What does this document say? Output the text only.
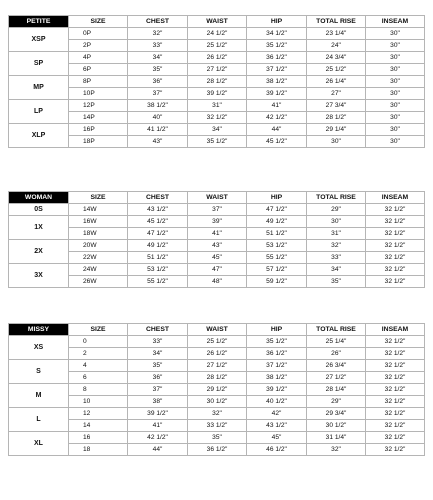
PETITE	SIZE	CHEST	WAIST	HIP	TOTAL RISE	INSEAM
XSP	0P	32"	24 1/2"	34 1/2"	23 1/4"	30"
	2P	33"	25 1/2"	35 1/2"	24"	30"
SP	4P	34"	26 1/2"	36 1/2"	24 3/4"	30"
	6P	35"	27 1/2"	37 1/2"	25 1/2"	30"
MP	8P	36"	28 1/2"	38 1/2"	26 1/4"	30"
	10P	37"	39 1/2"	39 1/2"	27"	30"
LP	12P	38 1/2"	31"	41"	27 3/4"	30"
	14P	40"	32 1/2"	42 1/2"	28 1/2"	30"
XLP	16P	41 1/2"	34"	44"	29 1/4"	30"
	18P	43"	35 1/2"	45 1/2"	30"	30"
WOMAN	SIZE	CHEST	WAIST	HIP	TOTAL RISE	INSEAM
0S	14W	43 1/2"	37"	47 1/2"	29"	32 1/2"
1X	16W	45 1/2"	39"	49 1/2"	30"	32 1/2"
	18W	47 1/2"	41"	51 1/2"	31"	32 1/2"
2X	20W	49 1/2"	43"	53 1/2"	32"	32 1/2"
	22W	51 1/2"	45"	55 1/2"	33"	32 1/2"
3X	24W	53 1/2"	47"	57 1/2"	34"	32 1/2"
	26W	55 1/2"	48"	59 1/2"	35"	32 1/2"
MISSY	SIZE	CHEST	WAIST	HIP	TOTAL RISE	INSEAM
XS	0	33"	25 1/2"	35 1/2"	25 1/4"	32 1/2"
	2	34"	26 1/2"	36 1/2"	26"	32 1/2"
S	4	35"	27 1/2"	37 1/2"	26 3/4"	32 1/2"
	6	36"	28 1/2"	38 1/2"	27 1/2"	32 1/2"
M	8	37"	29 1/2"	39 1/2"	28 1/4"	32 1/2"
	10	38"	30 1/2"	40 1/2"	29"	32 1/2"
L	12	39 1/2"	32"	42"	29 3/4"	32 1/2"
	14	41"	33 1/2"	43 1/2"	30 1/2"	32 1/2"
XL	16	42 1/2"	35"	45"	31 1/4"	32 1/2"
	18	44"	36 1/2"	46 1/2"	32"	32 1/2"
